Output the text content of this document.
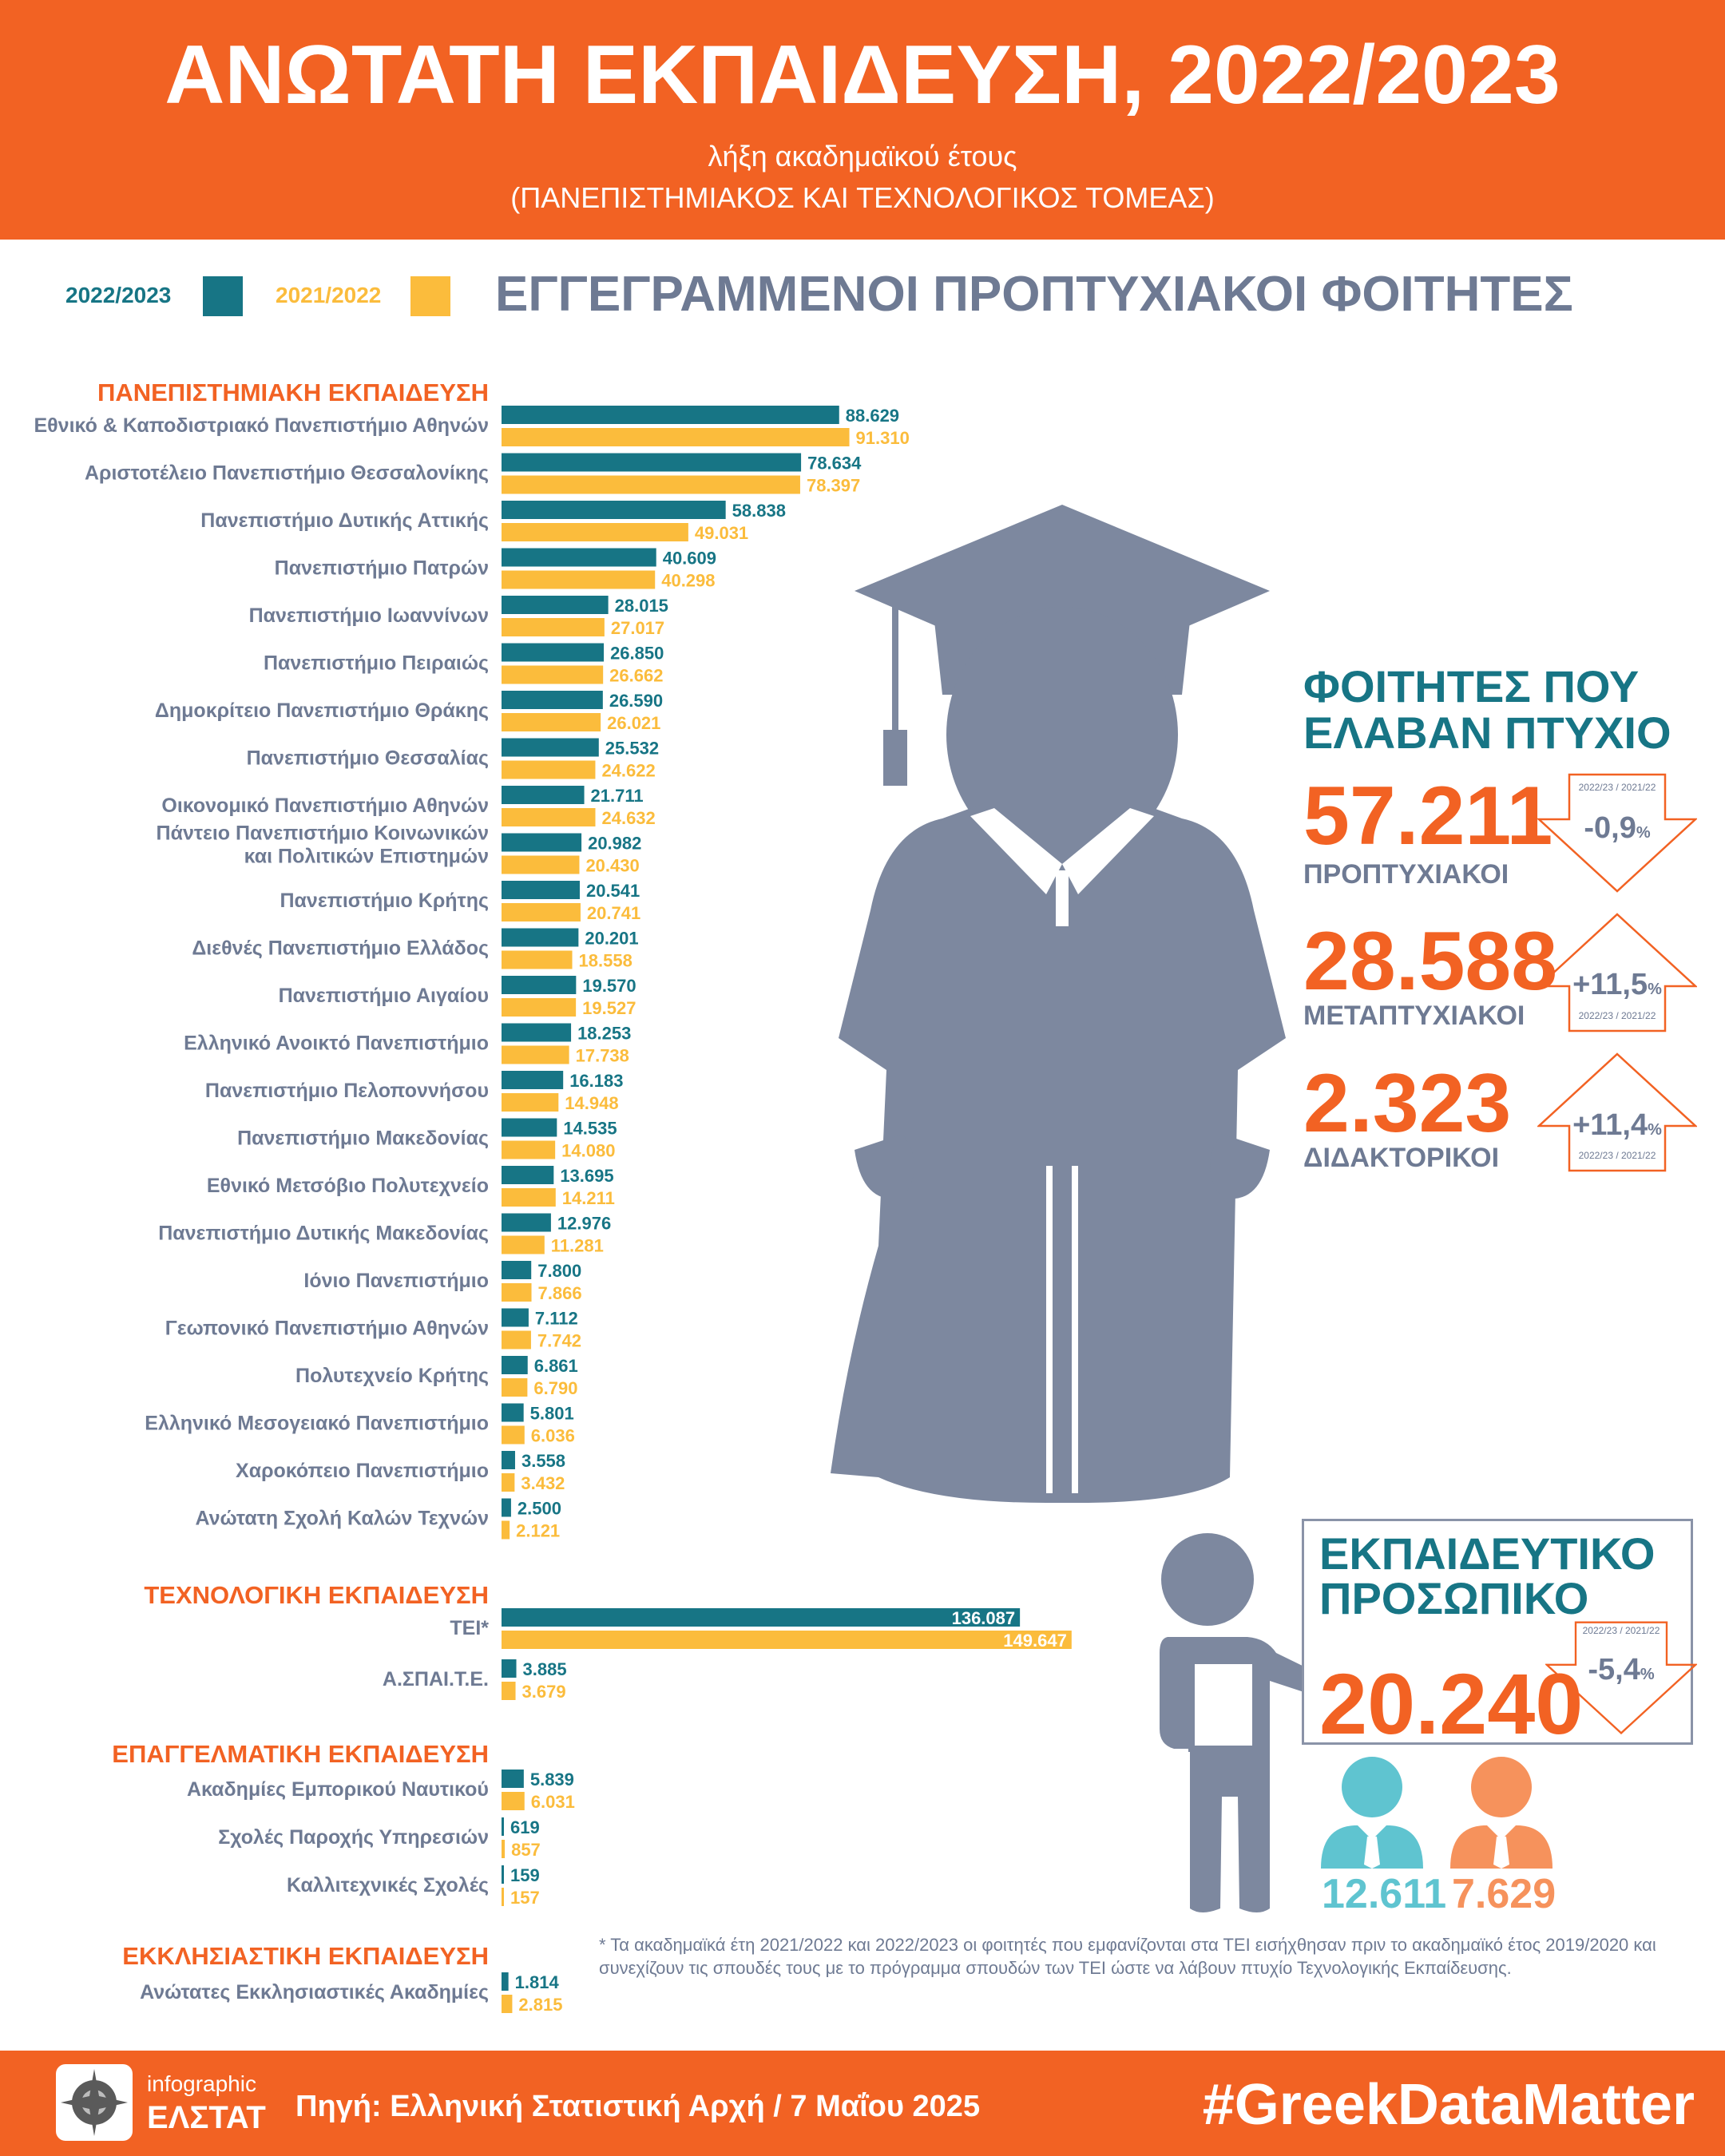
ΑΝΩΤΑΤΗ ΕΚΠΑΙΔΕΥΣΗ, 2022/2023
λήξη ακαδημαϊκού έτους
(ΠΑΝΕΠΙΣΤΗΜΙΑΚΟΣ ΚΑΙ ΤΕΧΝΟΛΟΓΙΚΟΣ ΤΟΜΕΑΣ)
2022/2023	2021/2022 ΕΓΓΕΓΡΑΜΜΕΝΟΙ ΠΡΟΠΤΥΧΙΑΚΟΙ ΦΟΙΤΗΤΕΣ
ΠΑΝΕΠΙΣΤΗΜΙΑΚΗ ΕΚΠΑΙΔΕΥΣΗ
88.629
91.310
Εθνικό & Καποδιστριακό Πανεπιστήμιο Αθηνών
78.634
78.397
Αριστοτέλειο Πανεπιστήμιο Θεσσαλονίκης
58.838
49.031
Πανεπιστήμιο Δυτικής Αττικής
40.609
40.298
Πανεπιστήμιο Πατρών
28.015
27.017
Πανεπιστήμιο Ιωαννίνων
26.850
26.662
Πανεπιστήμιο Πειραιώς
26.590
26.021
Δημοκρίτειο Πανεπιστήμιο Θράκης
25.532
24.622
Πανεπιστήμιο Θεσσαλίας
21.711
24.632
Οικονομικό Πανεπιστήμιο Αθηνών
20.982
20.430
Πάντειο Πανεπιστήμιο Κοινωνικών
και Πολιτικών Επιστημών
20.541
20.741
Πανεπιστήμιο Κρήτης
20.201
18.558
Διεθνές Πανεπιστήμιο Ελλάδος
19.570
19.527
Πανεπιστήμιο Αιγαίου
18.253
17.738
Ελληνικό Ανοικτό Πανεπιστήμιο
16.183
14.948
Πανεπιστήμιο Πελοποννήσου
14.535
14.080
Πανεπιστήμιο Μακεδονίας
13.695
14.211
Εθνικό Μετσόβιο Πολυτεχνείο
12.976
11.281
Πανεπιστήμιο Δυτικής Μακεδονίας
7.800
7.866
Ιόνιο Πανεπιστήμιο
7.112
7.742
Γεωπονικό Πανεπιστήμιο Αθηνών
6.861
6.790
Πολυτεχνείο Κρήτης
5.801
6.036
Ελληνικό Μεσογειακό Πανεπιστήμιο
3.558
3.432
Χαροκόπειο Πανεπιστήμιο
2.500
2.121
Ανώτατη Σχολή Καλών Τεχνών
ΤΕΧΝΟΛΟΓΙΚΗ ΕΚΠΑΙΔΕΥΣΗ
136.087
149.647
ΤΕΙ*
3.885
3.679
Α.ΣΠΑΙ.Τ.Ε.
ΕΠΑΓΓΕΛΜΑΤΙΚΗ ΕΚΠΑΙΔΕΥΣΗ
5.839
6.031
Ακαδημίες Εμπορικού Ναυτικού
619
857
Σχολές Παροχής Υπηρεσιών
159
157
Καλλιτεχνικές Σχολές
ΕΚΚΛΗΣΙΑΣΤΙΚΗ ΕΚΠΑΙΔΕΥΣΗ
1.814
2.815
Ανώτατες Εκκλησιαστικές Ακαδημίες
ΦΟΙΤΗΤΕΣ ΠΟΥ
ΕΛΑΒΑΝ ΠΤΥΧΙΟ
57.211
ΠΡΟΠΤΥΧΙΑΚΟΙ
28.588
ΜΕΤΑΠΤΥΧΙΑΚΟΙ
2.323
ΔΙΔΑΚΤΟΡΙΚΟΙ
2022/23 / 2021/22
-0,9%
+11,5%
2022/23 / 2021/22
+11,4%
2022/23 / 2021/22
ΕΚΠΑΙΔΕΥΤΙΚΟ
ΠΡΟΣΩΠΙΚΟ
20.240
2022/23 / 2021/22
-5,4%
12.611 7.629
* Τα ακαδημαϊκά έτη 2021/2022 και 2022/2023 οι φοιτητές που εμφανίζονται στα ΤΕΙ εισήχθησαν πριν το ακαδημαϊκό έτος 2019/2020 και συνεχίζουν τις σπουδές τους με το πρόγραμμα σπουδών των ΤΕΙ ώστε να λάβουν πτυχίο Τεχνολογικής Εκπαίδευσης.
infographic
ΕΛΣΤΑΤ Πηγή: Ελληνική Στατιστική Αρχή / 7 Μαΐου 2025	#GreekDataMatter
